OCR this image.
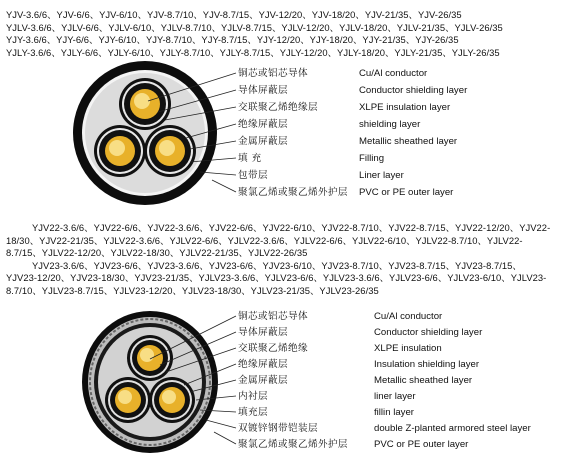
YJV-3.6/6、YJV-6/6、YJV-6/10、YJV-8.7/10、YJV-8.7/15、YJV-12/20、YJV-18/20、YJV-21/35、YJV-26/35
YJLV-3.6/6、YJLV-6/6、YJLV-6/10、YJLV-8.7/10、YJLV-8.7/15、YJLV-12/20、YJLV-18/20、YJLV-21/35、YJLV-26/35
YJY-3.6/6、YJY-6/6、YJY-6/10、YJY-8.7/10、YJY-8.7/15、YJY-12/20、YJY-18/20、YJY-21/35、YJY-26/35
YJLY-3.6/6、YJLY-6/6、YJLY-6/10、YJLY-8.7/10、YJLY-8.7/15、YJLY-12/20、YJLY-18/20、YJLY-21/35、YJLY-26/35
铜芯或铝芯导体	Cu/Al conductor
导体屏蔽层	Conductor shielding layer
交联聚乙烯绝缘层	XLPE insulation layer
绝缘屏蔽层	shielding layer
金属屏蔽层	Metallic sheathed layer
填 充	Filling
包带层	Liner layer
聚氯乙烯或聚乙烯外护层 PVC or PE outer layer
YJV22-3.6/6、YJV22-6/6、YJV22-3.6/6、YJV22-6/6、YJV22-6/10、YJV22-8.7/10、YJV22-8.7/15、YJV22-12/20、YJV22-
18/30、YJV22-21/35、YJLV22-3.6/6、YJLV22-6/6、YJLV22-3.6/6、YJLV22-6/6、YJLV22-6/10、YJLV22-8.7/10、YJLV22-
8.7/15、YJLV22-12/20、YJLV22-18/30、YJLV22-21/35、YJLV22-26/35
YJV23-3.6/6、YJV23-6/6、YJV23-3.6/6、YJV23-6/6、YJV23-6/10、YJV23-8.7/10、YJV23-8.7/15、YJV23-8.7/15、
YJV23-12/20、YJV23-18/30、YJV23-21/35、YJLV23-3.6/6、YJLV23-6/6、YJLV23-3.6/6、YJLV23-6/6、YJLV23-6/10、YJLV23-
8.7/10、YJLV23-8.7/15、YJLV23-12/20、YJLV23-18/30、YJLV23-21/35、YJLV23-26/35
铜芯或铝芯导体	Cu/Al conductor
导体屏蔽层	Conductor shielding layer
交联聚乙烯绝缘	XLPE insulation
绝缘屏蔽层	Insulation shielding layer
金属屏蔽层	Metallic sheathed layer
内衬层	liner layer
填充层	fillin layer
双镀锌钢带铠装层	double Z-planted armored steel layer
聚氯乙烯或聚乙烯外护层	PVC or PE outer layer
